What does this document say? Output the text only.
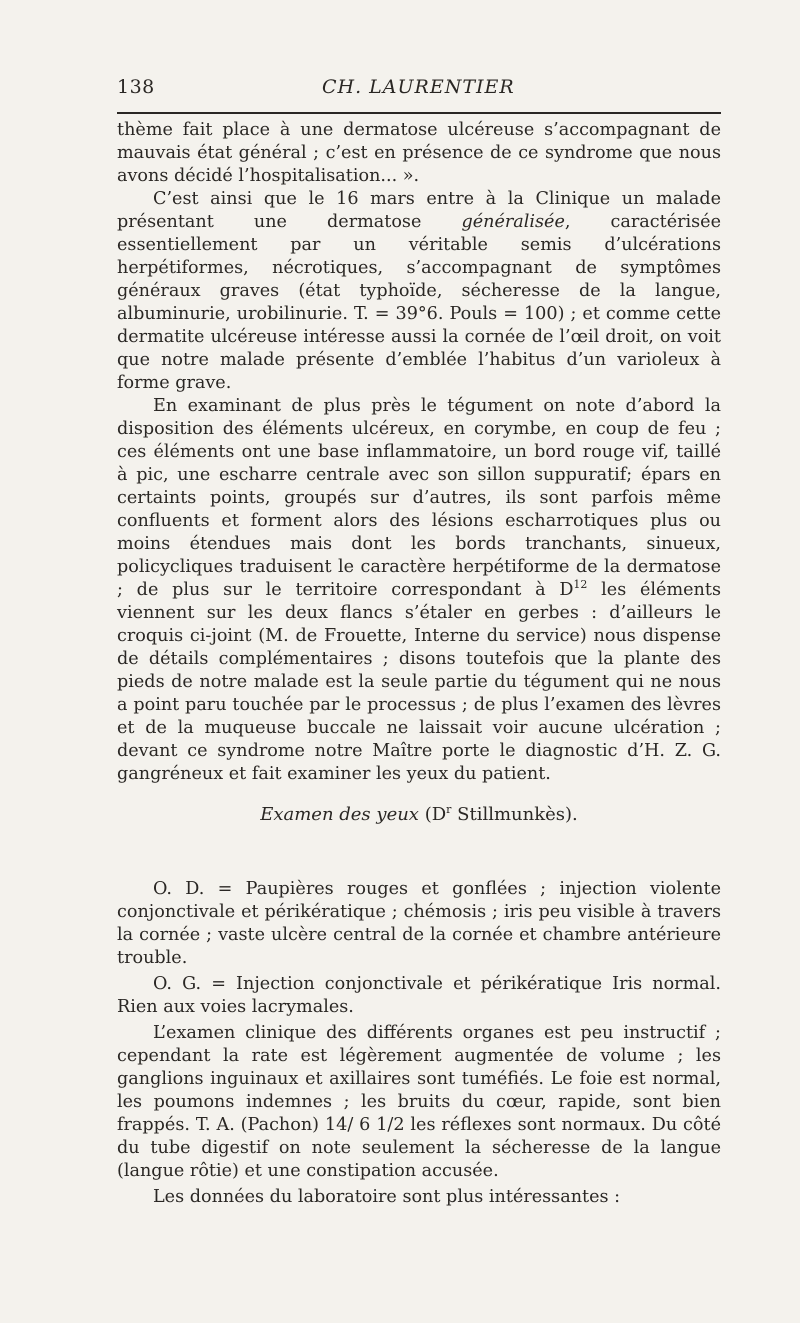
138	CH. LAURENTIER

thème fait place à une dermatose ulcéreuse s’accompagnant de mauvais état général ; c’est en présence de ce syndrome que nous avons décidé l’hospitalisation... ».

C’est ainsi que le 16 mars entre à la Clinique un malade présentant une dermatose généralisée, caractérisée essentiellement par un véritable semis d’ulcérations herpétiformes, nécrotiques, s’accompagnant de symptômes généraux graves (état typhoïde, sécheresse de la langue, albuminurie, urobilinurie. T. = 39°6. Pouls = 100) ; et comme cette dermatite ulcéreuse intéresse aussi la cornée de l’œil droit, on voit que notre malade présente d’emblée l’habitus d’un varioleux à forme grave.

En examinant de plus près le tégument on note d’abord la disposition des éléments ulcéreux, en corymbe, en coup de feu ; ces éléments ont une base inflammatoire, un bord rouge vif, taillé à pic, une escharre centrale avec son sillon suppuratif; épars en certaints points, groupés sur d’autres, ils sont parfois même confluents et forment alors des lésions escharrotiques plus ou moins étendues mais dont les bords tranchants, sinueux, policycliques traduisent le caractère herpétiforme de la dermatose ; de plus sur le territoire correspondant à $D^{12}$ les éléments viennent sur les deux flancs s’étaler en gerbes : d’ailleurs le croquis ci-joint (M. de Frouette, Interne du service) nous dispense de détails complémentaires ; disons toutefois que la plante des pieds de notre malade est la seule partie du tégument qui ne nous a point paru touchée par le processus ; de plus l’examen des lèvres et de la muqueuse buccale ne laissait voir aucune ulcération ; devant ce syndrome notre Maître porte le diagnostic d’H. Z. G. gangréneux et fait examiner les yeux du patient.

Examen des yeux ($D^r$ Stillmunkès).

O. D. = Paupières rouges et gonflées ; injection violente conjonctivale et périkératique ; chémosis ; iris peu visible à travers la cornée ; vaste ulcère central de la cornée et chambre antérieure trouble.

O. G. = Injection conjonctivale et périkératique Iris normal. Rien aux voies lacrymales.

L’examen clinique des différents organes est peu instructif ; cependant la rate est légèrement augmentée de volume ; les ganglions inguinaux et axillaires sont tuméfiés. Le foie est normal, les poumons indemnes ; les bruits du cœur, rapide, sont bien frappés. T. A. (Pachon) 14/ 6 1/2 les réflexes sont normaux. Du côté du tube digestif on note seulement la sécheresse de la langue (langue rôtie) et une constipation accusée.

Les données du laboratoire sont plus intéressantes :
